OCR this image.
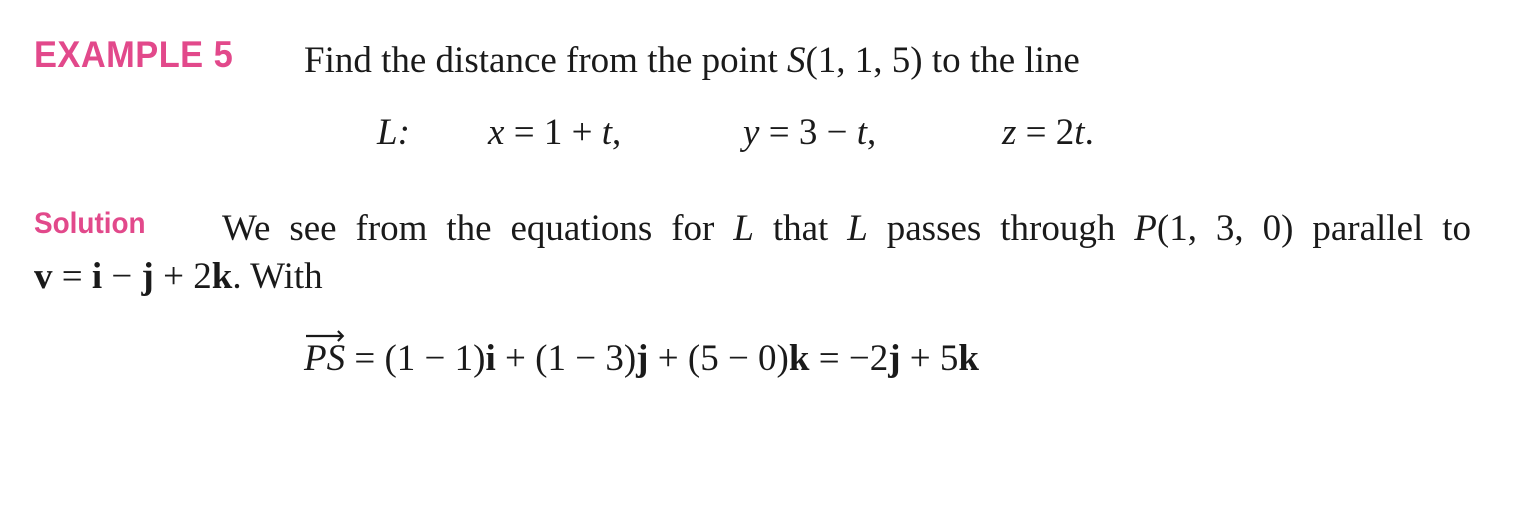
EXAMPLE 5 Find the distance from the point S(1, 1, 5) to the line
L: x = 1 + t,	y = 3 − t,	z = 2t.
Solution We see from the equations for L that L passes through P(1, 3, 0) parallel to
v = i − j + 2k. With
PS = (1 − 1)i + (1 − 3)j + (5 − 0)k = −2j + 5k
